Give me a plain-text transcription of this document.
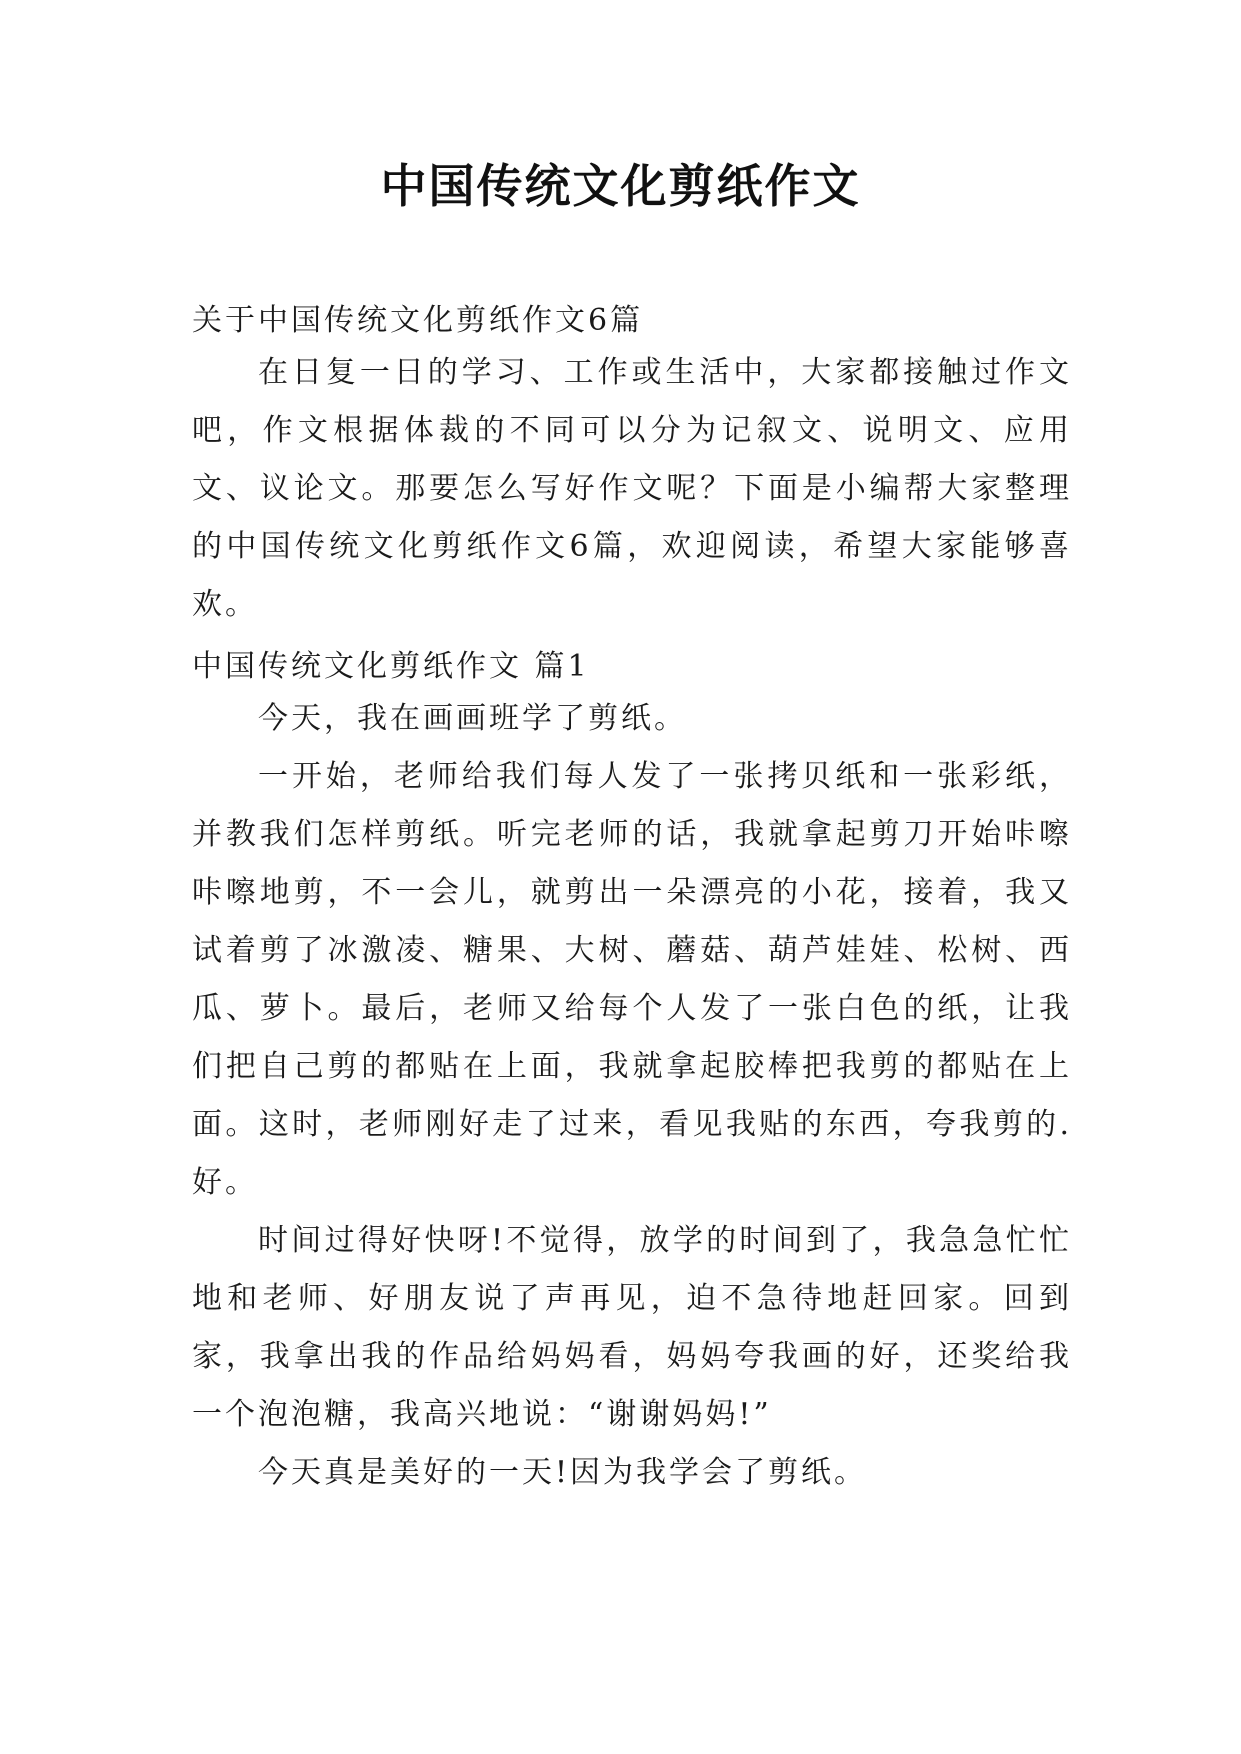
中国传统文化剪纸作文
关于中国传统文化剪纸作文6篇

在日复一日的学习、工作或生活中，大家都接触过作文吧，作文根据体裁的不同可以分为记叙文、说明文、应用文、议论文。那要怎么写好作文呢？下面是小编帮大家整理的中国传统文化剪纸作文6篇，欢迎阅读，希望大家能够喜欢。

中国传统文化剪纸作文 篇1

今天，我在画画班学了剪纸。

一开始，老师给我们每人发了一张拷贝纸和一张彩纸，并教我们怎样剪纸。听完老师的话，我就拿起剪刀开始咔嚓咔嚓地剪，不一会儿，就剪出一朵漂亮的小花，接着，我又试着剪了冰激凌、糖果、大树、蘑菇、葫芦娃娃、松树、西瓜、萝卜。最后，老师又给每个人发了一张白色的纸，让我们把自己剪的都贴在上面，我就拿起胶棒把我剪的都贴在上面。这时，老师刚好走了过来，看见我贴的东西，夸我剪的.好。

时间过得好快呀!不觉得，放学的时间到了，我急急忙忙地和老师、好朋友说了声再见，迫不急待地赶回家。回到家，我拿出我的作品给妈妈看，妈妈夸我画的好，还奖给我一个泡泡糖，我高兴地说：“谢谢妈妈!”

今天真是美好的一天!因为我学会了剪纸。
